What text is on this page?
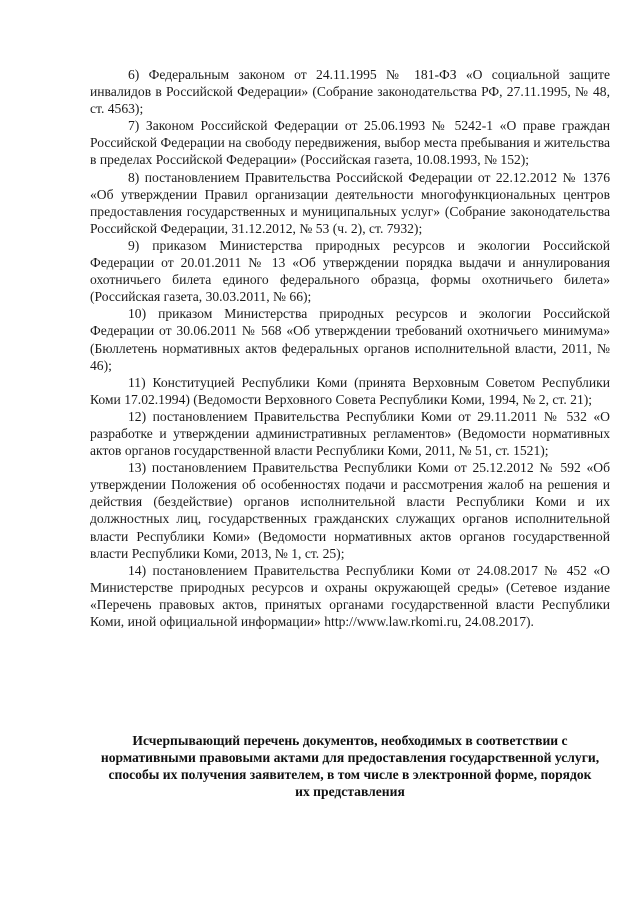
6) Федеральным законом от 24.11.1995 № 181-ФЗ «О социальной защите инвалидов в Российской Федерации» (Собрание законодательства РФ, 27.11.1995, № 48, ст. 4563);

7) Законом Российской Федерации от 25.06.1993 № 5242-1 «О праве граждан Российской Федерации на свободу передвижения, выбор места пребывания и жительства в пределах Российской Федерации» (Российская газета, 10.08.1993, № 152);

8) постановлением Правительства Российской Федерации от 22.12.2012 № 1376 «Об утверждении Правил организации деятельности многофункциональных центров предоставления государственных и муниципальных услуг» (Собрание законодательства Российской Федерации, 31.12.2012, № 53 (ч. 2), ст. 7932);

9) приказом Министерства природных ресурсов и экологии Российской Федерации от 20.01.2011 № 13 «Об утверждении порядка выдачи и аннулирования охотничьего билета единого федерального образца, формы охотничьего билета» (Российская газета, 30.03.2011, № 66);

10) приказом Министерства природных ресурсов и экологии Российской Федерации от 30.06.2011 № 568 «Об утверждении требований охотничьего минимума» (Бюллетень нормативных актов федеральных органов исполнительной власти, 2011, № 46);

11) Конституцией Республики Коми (принята Верховным Советом Республики Коми 17.02.1994) (Ведомости Верховного Совета Республики Коми, 1994, № 2, ст. 21);

12) постановлением Правительства Республики Коми от 29.11.2011 № 532 «О разработке и утверждении административных регламентов» (Ведомости нормативных актов органов государственной власти Республики Коми, 2011, № 51, ст. 1521);

13) постановлением Правительства Республики Коми от 25.12.2012 № 592 «Об утверждении Положения об особенностях подачи и рассмотрения жалоб на решения и действия (бездействие) органов исполнительной власти Республики Коми и их должностных лиц, государственных гражданских служащих органов исполнительной власти Республики Коми» (Ведомости нормативных актов органов государственной власти Республики Коми, 2013, № 1, ст. 25);

14) постановлением Правительства Республики Коми от 24.08.2017 № 452 «О Министерстве природных ресурсов и охраны окружающей среды» (Сетевое издание «Перечень правовых актов, принятых органами государственной власти Республики Коми, иной официальной информации» http://www.law.rkomi.ru, 24.08.2017).

Исчерпывающий перечень документов, необходимых в соответствии с нормативными правовыми актами для предоставления государственной услуги, способы их получения заявителем, в том числе в электронной форме, порядок их представления
